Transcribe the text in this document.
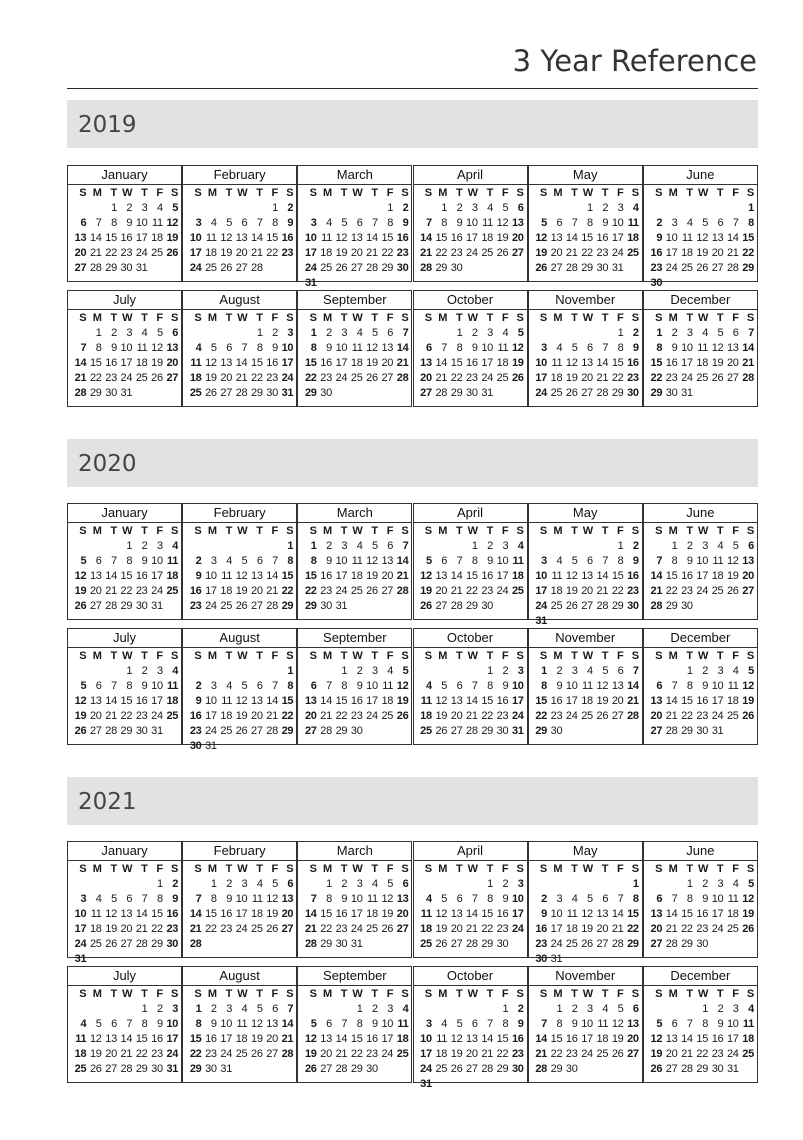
3 Year Reference
2019
January
S M T W T F S
1 2 3 4 5
6 7 8 9 10 11 12
13 14 15 16 17 18 19
20 21 22 23 24 25 26
27 28 29 30 31
February
S M T W T F S
1 2
3 4 5 6 7 8 9
10 11 12 13 14 15 16
17 18 19 20 21 22 23
24 25 26 27 28
March
S M T W T F S
1 2
3 4 5 6 7 8 9
10 11 12 13 14 15 16
17 18 19 20 21 22 23
24 25 26 27 28 29 30
31
April
S M T W T F S
1 2 3 4 5 6
7 8 9 10 11 12 13
14 15 16 17 18 19 20
21 22 23 24 25 26 27
28 29 30
May
S M T W T F S
1 2 3 4
5 6 7 8 9 10 11
12 13 14 15 16 17 18
19 20 21 22 23 24 25
26 27 28 29 30 31
June
S M T W T F S
1
2 3 4 5 6 7 8
9 10 11 12 13 14 15
16 17 18 19 20 21 22
23 24 25 26 27 28 29
30
July
S M T W T F S
1 2 3 4 5 6
7 8 9 10 11 12 13
14 15 16 17 18 19 20
21 22 23 24 25 26 27
28 29 30 31
August
S M T W T F S
1 2 3
4 5 6 7 8 9 10
11 12 13 14 15 16 17
18 19 20 21 22 23 24
25 26 27 28 29 30 31
September
S M T W T F S
1 2 3 4 5 6 7
8 9 10 11 12 13 14
15 16 17 18 19 20 21
22 23 24 25 26 27 28
29 30
October
S M T W T F S
1 2 3 4 5
6 7 8 9 10 11 12
13 14 15 16 17 18 19
20 21 22 23 24 25 26
27 28 29 30 31
November
S M T W T F S
1 2
3 4 5 6 7 8 9
10 11 12 13 14 15 16
17 18 19 20 21 22 23
24 25 26 27 28 29 30
December
S M T W T F S
1 2 3 4 5 6 7
8 9 10 11 12 13 14
15 16 17 18 19 20 21
22 23 24 25 26 27 28
29 30 31
2020
January
S M T W T F S
1 2 3 4
5 6 7 8 9 10 11
12 13 14 15 16 17 18
19 20 21 22 23 24 25
26 27 28 29 30 31
February
S M T W T F S
1
2 3 4 5 6 7 8
9 10 11 12 13 14 15
16 17 18 19 20 21 22
23 24 25 26 27 28 29
March
S M T W T F S
1 2 3 4 5 6 7
8 9 10 11 12 13 14
15 16 17 18 19 20 21
22 23 24 25 26 27 28
29 30 31
April
S M T W T F S
1 2 3 4
5 6 7 8 9 10 11
12 13 14 15 16 17 18
19 20 21 22 23 24 25
26 27 28 29 30
May
S M T W T F S
1 2
3 4 5 6 7 8 9
10 11 12 13 14 15 16
17 18 19 20 21 22 23
24 25 26 27 28 29 30
31
June
S M T W T F S
1 2 3 4 5 6
7 8 9 10 11 12 13
14 15 16 17 18 19 20
21 22 23 24 25 26 27
28 29 30
July
S M T W T F S
1 2 3 4
5 6 7 8 9 10 11
12 13 14 15 16 17 18
19 20 21 22 23 24 25
26 27 28 29 30 31
August
S M T W T F S
1
2 3 4 5 6 7 8
9 10 11 12 13 14 15
16 17 18 19 20 21 22
23 24 25 26 27 28 29
30 31
September
S M T W T F S
1 2 3 4 5
6 7 8 9 10 11 12
13 14 15 16 17 18 19
20 21 22 23 24 25 26
27 28 29 30
October
S M T W T F S
1 2 3
4 5 6 7 8 9 10
11 12 13 14 15 16 17
18 19 20 21 22 23 24
25 26 27 28 29 30 31
November
S M T W T F S
1 2 3 4 5 6 7
8 9 10 11 12 13 14
15 16 17 18 19 20 21
22 23 24 25 26 27 28
29 30
December
S M T W T F S
1 2 3 4 5
6 7 8 9 10 11 12
13 14 15 16 17 18 19
20 21 22 23 24 25 26
27 28 29 30 31
2021
January
S M T W T F S
1 2
3 4 5 6 7 8 9
10 11 12 13 14 15 16
17 18 19 20 21 22 23
24 25 26 27 28 29 30
31
February
S M T W T F S
1 2 3 4 5 6
7 8 9 10 11 12 13
14 15 16 17 18 19 20
21 22 23 24 25 26 27
28
March
S M T W T F S
1 2 3 4 5 6
7 8 9 10 11 12 13
14 15 16 17 18 19 20
21 22 23 24 25 26 27
28 29 30 31
April
S M T W T F S
1 2 3
4 5 6 7 8 9 10
11 12 13 14 15 16 17
18 19 20 21 22 23 24
25 26 27 28 29 30
May
S M T W T F S
1
2 3 4 5 6 7 8
9 10 11 12 13 14 15
16 17 18 19 20 21 22
23 24 25 26 27 28 29
30 31
June
S M T W T F S
1 2 3 4 5
6 7 8 9 10 11 12
13 14 15 16 17 18 19
20 21 22 23 24 25 26
27 28 29 30
July
S M T W T F S
1 2 3
4 5 6 7 8 9 10
11 12 13 14 15 16 17
18 19 20 21 22 23 24
25 26 27 28 29 30 31
August
S M T W T F S
1 2 3 4 5 6 7
8 9 10 11 12 13 14
15 16 17 18 19 20 21
22 23 24 25 26 27 28
29 30 31
September
S M T W T F S
1 2 3 4
5 6 7 8 9 10 11
12 13 14 15 16 17 18
19 20 21 22 23 24 25
26 27 28 29 30
October
S M T W T F S
1 2
3 4 5 6 7 8 9
10 11 12 13 14 15 16
17 18 19 20 21 22 23
24 25 26 27 28 29 30
31
November
S M T W T F S
1 2 3 4 5 6
7 8 9 10 11 12 13
14 15 16 17 18 19 20
21 22 23 24 25 26 27
28 29 30
December
S M T W T F S
1 2 3 4
5 6 7 8 9 10 11
12 13 14 15 16 17 18
19 20 21 22 23 24 25
26 27 28 29 30 31
